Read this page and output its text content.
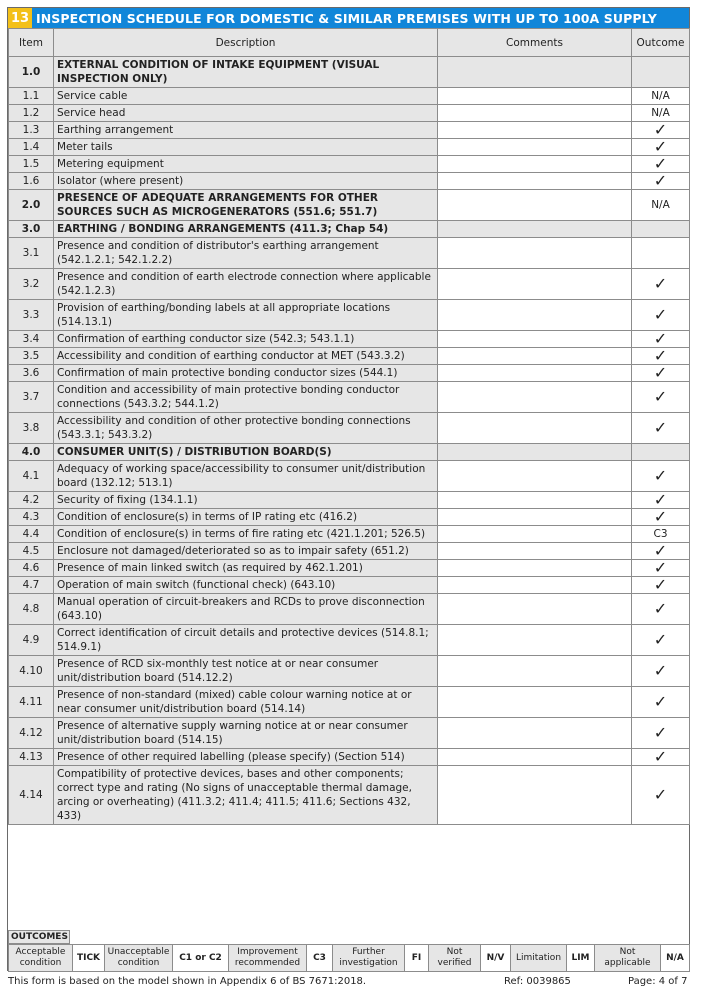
13 INSPECTION SCHEDULE FOR DOMESTIC & SIMILAR PREMISES WITH UP TO 100A SUPPLY
Item	Description	Comments	Outcome
1.0	EXTERNAL CONDITION OF INTAKE EQUIPMENT (VISUAL INSPECTION ONLY)		
1.1	Service cable		N/A
1.2	Service head		N/A
1.3	Earthing arrangement		✓
1.4	Meter tails		✓
1.5	Metering equipment		✓
1.6	Isolator (where present)		✓
2.0	PRESENCE OF ADEQUATE ARRANGEMENTS FOR OTHER SOURCES SUCH AS MICROGENERATORS (551.6; 551.7)		N/A
3.0	EARTHING / BONDING ARRANGEMENTS (411.3; Chap 54)		
3.1	Presence and condition of distributor's earthing arrangement (542.1.2.1; 542.1.2.2)		
3.2	Presence and condition of earth electrode connection where applicable (542.1.2.3)		✓
3.3	Provision of earthing/bonding labels at all appropriate locations (514.13.1)		✓
3.4	Confirmation of earthing conductor size (542.3; 543.1.1)		✓
3.5	Accessibility and condition of earthing conductor at MET (543.3.2)		✓
3.6	Confirmation of main protective bonding conductor sizes (544.1)		✓
3.7	Condition and accessibility of main protective bonding conductor connections (543.3.2; 544.1.2)		✓
3.8	Accessibility and condition of other protective bonding connections (543.3.1; 543.3.2)		✓
4.0	CONSUMER UNIT(S) / DISTRIBUTION BOARD(S)		
4.1	Adequacy of working space/accessibility to consumer unit/distribution board (132.12; 513.1)		✓
4.2	Security of fixing (134.1.1)		✓
4.3	Condition of enclosure(s) in terms of IP rating etc (416.2)		✓
4.4	Condition of enclosure(s) in terms of fire rating etc (421.1.201; 526.5)		C3
4.5	Enclosure not damaged/deteriorated so as to impair safety (651.2)		✓
4.6	Presence of main linked switch (as required by 462.1.201)		✓
4.7	Operation of main switch (functional check) (643.10)		✓
4.8	Manual operation of circuit-breakers and RCDs to prove disconnection (643.10)		✓
4.9	Correct identification of circuit details and protective devices (514.8.1; 514.9.1)		✓
4.10	Presence of RCD six-monthly test notice at or near consumer unit/distribution board (514.12.2)		✓
4.11	Presence of non-standard (mixed) cable colour warning notice at or near consumer unit/distribution board (514.14)		✓
4.12	Presence of alternative supply warning notice at or near consumer unit/distribution board (514.15)		✓
4.13	Presence of other required labelling (please specify) (Section 514)		✓
4.14	Compatibility of protective devices, bases and other components; correct type and rating (No signs of unacceptable thermal damage, arcing or overheating) (411.3.2; 411.4; 411.5; 411.6; Sections 432, 433)		✓
OUTCOMES
Acceptable condition	TICK	Unacceptable condition	C1 or C2	Improvement recommended	C3	Further investigation	FI	Not verified	N/V	Limitation	LIM	Not applicable	N/A
This form is based on the model shown in Appendix 6 of BS 7671:2018.	Ref: 0039865	Page: 4 of 7
